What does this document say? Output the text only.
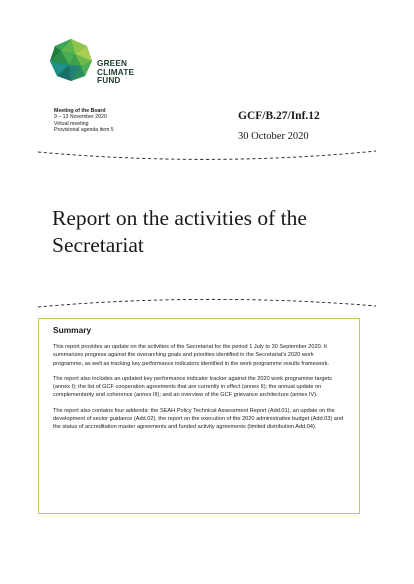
GREEN
CLIMATE
FUND
Meeting of the Board
9 – 13 November 2020
Virtual meeting
Provisional agenda item 5
GCF/B.27/Inf.12
30 October 2020
Report on the activities of the Secretariat

Summary

This report provides an update on the activities of the Secretariat for the period 1 July to 30 September 2020. It summarizes progress against the overarching goals and priorities identified in the Secretariat's 2020 work programme, as well as tracking key performance indicators identified in the work programme results framework.

The report also includes an updated key performance indicator tracker against the 2020 work programme targets (annex I); the list of GCF cooperation agreements that are currently in effect (annex II); the annual update on complementarity and coherence (annex III); and an overview of the GCF grievance architecture (annex IV).

The report also contains four addenda: the SEAH Policy Technical Assessment Report (Add.01), an update on the development of sector guidance (Add.02), the report on the execution of the 2020 administrative budget (Add.03) and the status of accreditation master agreements and funded activity agreements (limited distribution Add.04).
